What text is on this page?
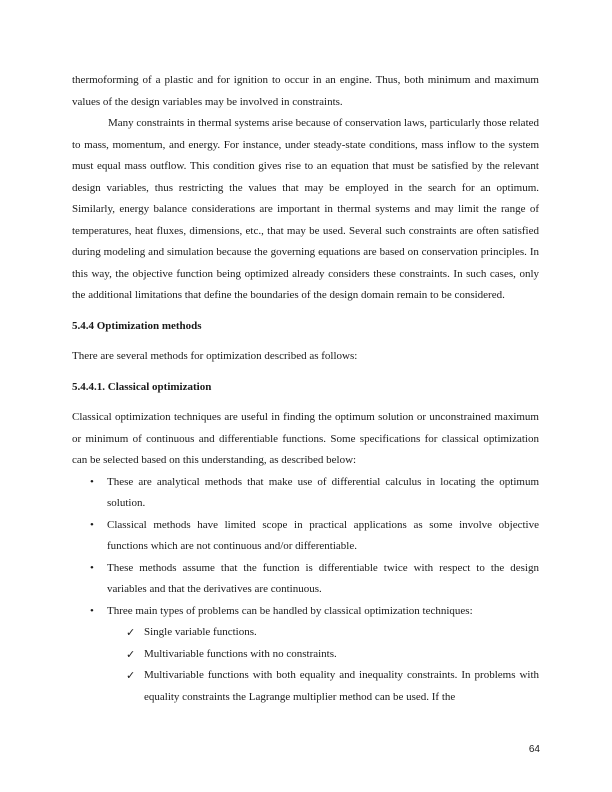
thermoforming of a plastic and for ignition to occur in an engine. Thus, both minimum and maximum values of the design variables may be involved in constraints.

Many constraints in thermal systems arise because of conservation laws, particularly those related to mass, momentum, and energy. For instance, under steady-state conditions, mass inflow to the system must equal mass outflow. This condition gives rise to an equation that must be satisfied by the relevant design variables, thus restricting the values that may be employed in the search for an optimum. Similarly, energy balance considerations are important in thermal systems and may limit the range of temperatures, heat fluxes, dimensions, etc., that may be used. Several such constraints are often satisfied during modeling and simulation because the governing equations are based on conservation principles. In this way, the objective function being optimized already considers these constraints. In such cases, only the additional limitations that define the boundaries of the design domain remain to be considered.

5.4.4 Optimization methods

There are several methods for optimization described as follows:

5.4.4.1. Classical optimization

Classical optimization techniques are useful in finding the optimum solution or unconstrained maximum or minimum of continuous and differentiable functions. Some specifications for classical optimization can be selected based on this understanding, as described below:

• These are analytical methods that make use of differential calculus in locating the optimum solution.

• Classical methods have limited scope in practical applications as some involve objective functions which are not continuous and/or differentiable.

• These methods assume that the function is differentiable twice with respect to the design variables and that the derivatives are continuous.

• Three main types of problems can be handled by classical optimization techniques:

✓ Single variable functions.

✓ Multivariable functions with no constraints.

✓ Multivariable functions with both equality and inequality constraints. In problems with equality constraints the Lagrange multiplier method can be used. If the

64
